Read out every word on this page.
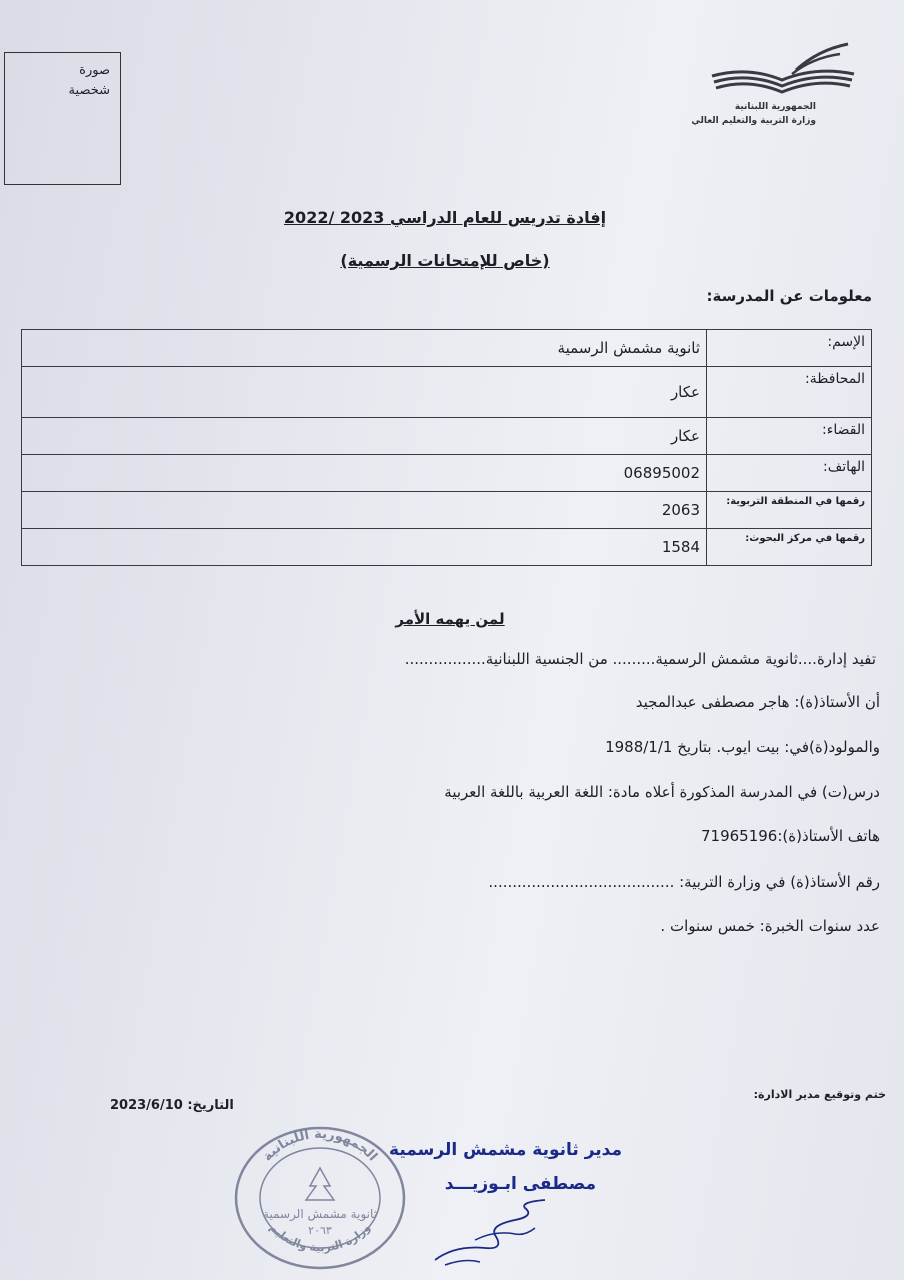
صورة
شخصية
الجمهورية اللبنانية
وزارة التربية والتعليم العالي
إفادة تدريس للعام الدراسي 2023 /2022
(خاص للإمتحانات الرسمية)
معلومات عن المدرسة:
الإسم:	ثانوية مشمش الرسمية
المحافظة:	عكار
القضاء:	عكار
الهاتف:	06895002
رقمها في المنطقة التربوية:	2063
رقمها في مركز البحوث:	1584
لمن يهمه الأمر
تفيد إدارة....ثانوية مشمش الرسمية......... من الجنسية اللبنانية.................
أن الأستاذ(ة): هاجر مصطفى عبدالمجيد
والمولود(ة)في: بيت ايوب. بتاريخ 1988/1/1
درس(ت) في المدرسة المذكورة أعلاه مادة: اللغة العربية باللغة العربية
هاتف الأستاذ(ة):71965196
رقم الأستاذ(ة) في وزارة التربية: .......................................
عدد سنوات الخبرة: خمس سنوات .
ختم وتوقيع مدير الادارة:
التاريخ: 2023/6/10
الجمهورية اللبنانية
وزارة التربية والتعليم
ثانوية مشمش الرسمية
٢٠٦٣
مدير ثانوية مشمش الرسمية
مصطفى ابـوزيـــد
